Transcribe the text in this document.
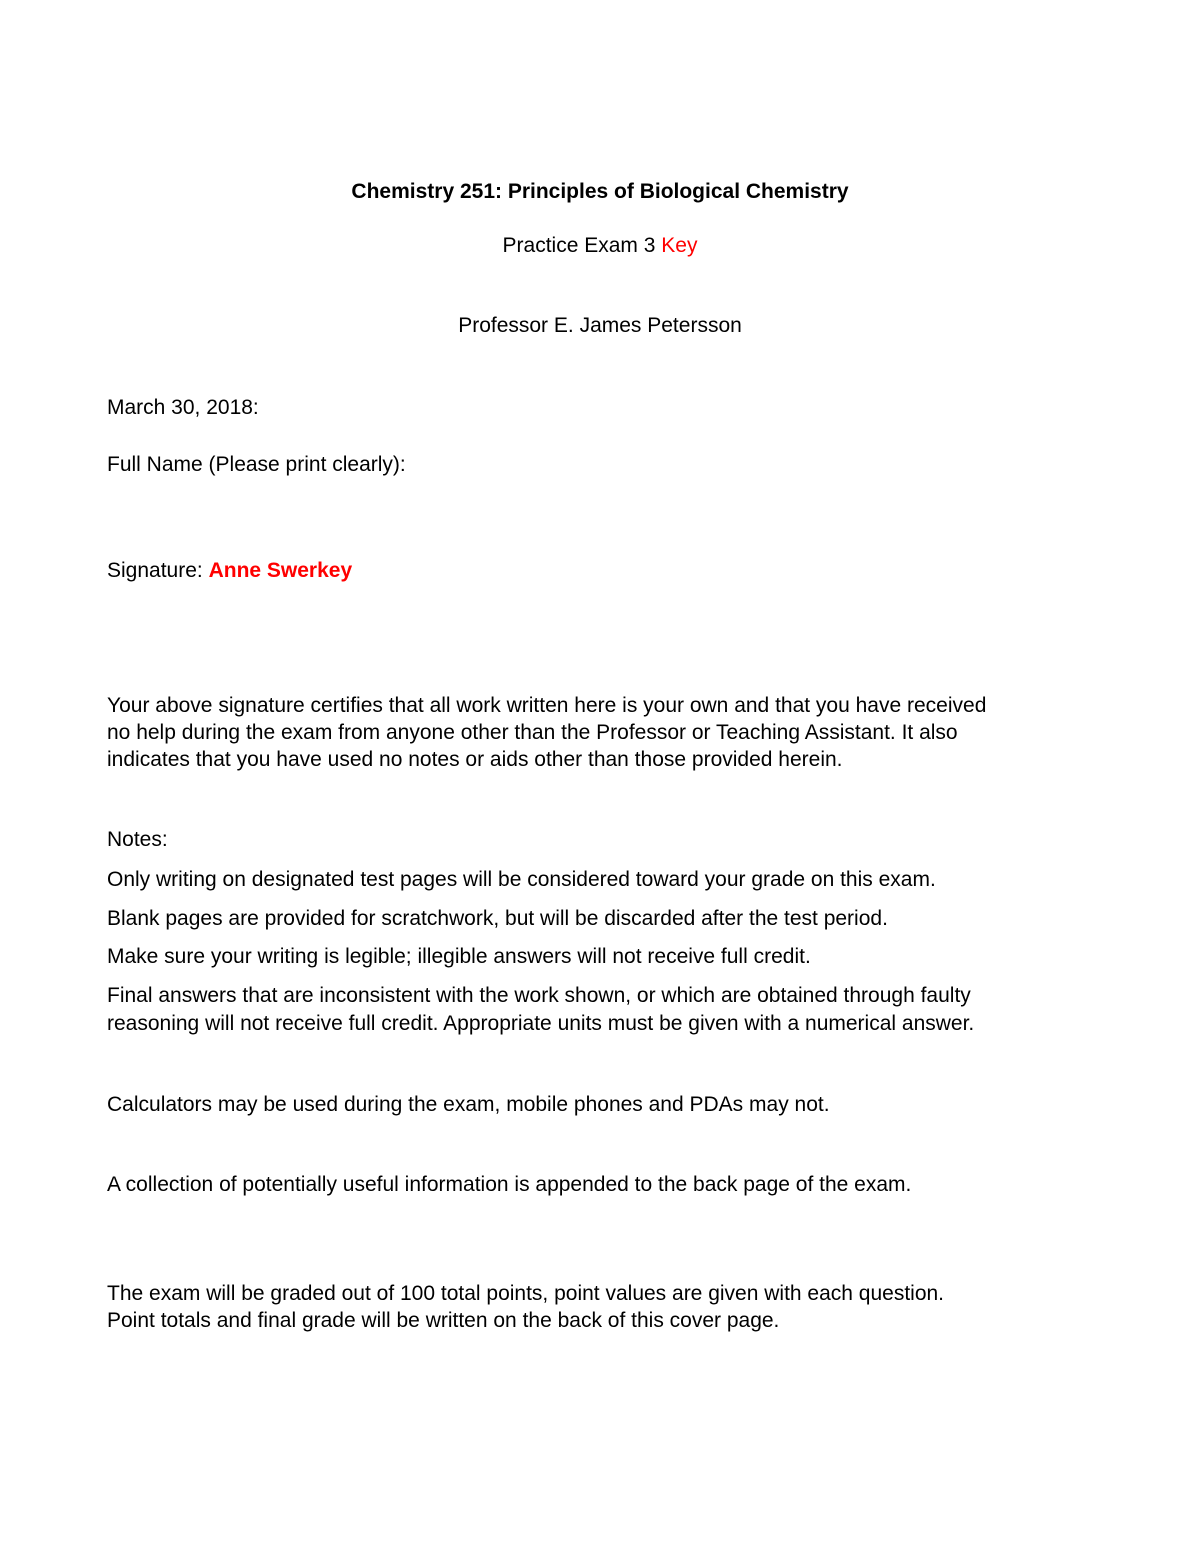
Chemistry 251: Principles of Biological Chemistry
Practice Exam 3 Key
Professor E. James Petersson
March 30, 2018:
Full Name (Please print clearly):
Signature: Anne Swerkey
Your above signature certifies that all work written here is your own and that you have received
no help during the exam from anyone other than the Professor or Teaching Assistant. It also
indicates that you have used no notes or aids other than those provided herein.
Notes:
Only writing on designated test pages will be considered toward your grade on this exam.
Blank pages are provided for scratchwork, but will be discarded after the test period.
Make sure your writing is legible; illegible answers will not receive full credit.
Final answers that are inconsistent with the work shown, or which are obtained through faulty
reasoning will not receive full credit. Appropriate units must be given with a numerical answer.
Calculators may be used during the exam, mobile phones and PDAs may not.
A collection of potentially useful information is appended to the back page of the exam.
The exam will be graded out of 100 total points, point values are given with each question.
Point totals and final grade will be written on the back of this cover page.
